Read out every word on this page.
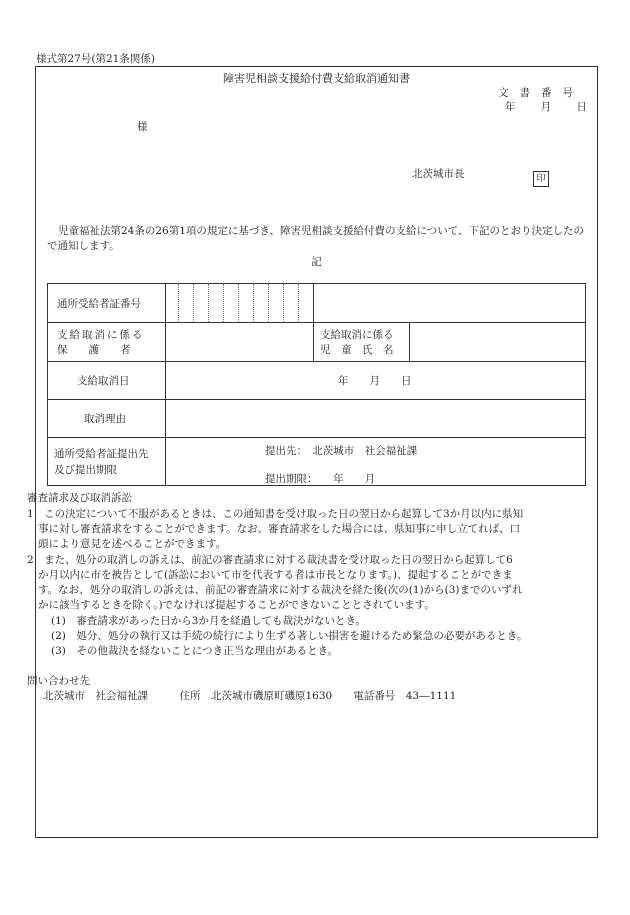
様式第27号(第21条関係)
障害児相談支援給付費支給取消通知書
文書番号
年 月 日
様
北茨城市長	印
児童福祉法第24条の26第1項の規定に基づき、障害児相談支援給付費の支給について、下記のとおり決定したので通知します。
記
通所受給者証番号
支給取消に係る
保　　護　　者
支給取消に係る
児　童　氏　名
支給取消日	年　　月　　日
取消理由
通所受給者証提出先
及び提出期限
提出先：　北茨城市　社会福祉課
提出期限：　　年　　月
審査請求及び取消訴訟
1　この決定について不服があるときは、この通知書を受け取った日の翌日から起算して3か月以内に県知
事に対し審査請求をすることができます。なお、審査請求をした場合には、県知事に申し立てれば、口
頭により意見を述べることができます。
2　また、処分の取消しの訴えは、前記の審査請求に対する裁決書を受け取った日の翌日から起算して6
か月以内に市を被告として(訴訟において市を代表する者は市長となります。)、提起することができま
す。なお、処分の取消しの訴えは、前記の審査請求に対する裁決を経た後(次の(1)から(3)までのいずれ
かに該当するときを除く。)でなければ提起することができないこととされています。
(1)　審査請求があった日から3か月を経過しても裁決がないとき。
(2)　処分、処分の執行又は手続の続行により生ずる著しい損害を避けるため緊急の必要があるとき。
(3)　その他裁決を経ないことにつき正当な理由があるとき。
問い合わせ先
北茨城市　社会福祉課　　　住所　北茨城市磯原町磯原1630　　電話番号　43―1111
